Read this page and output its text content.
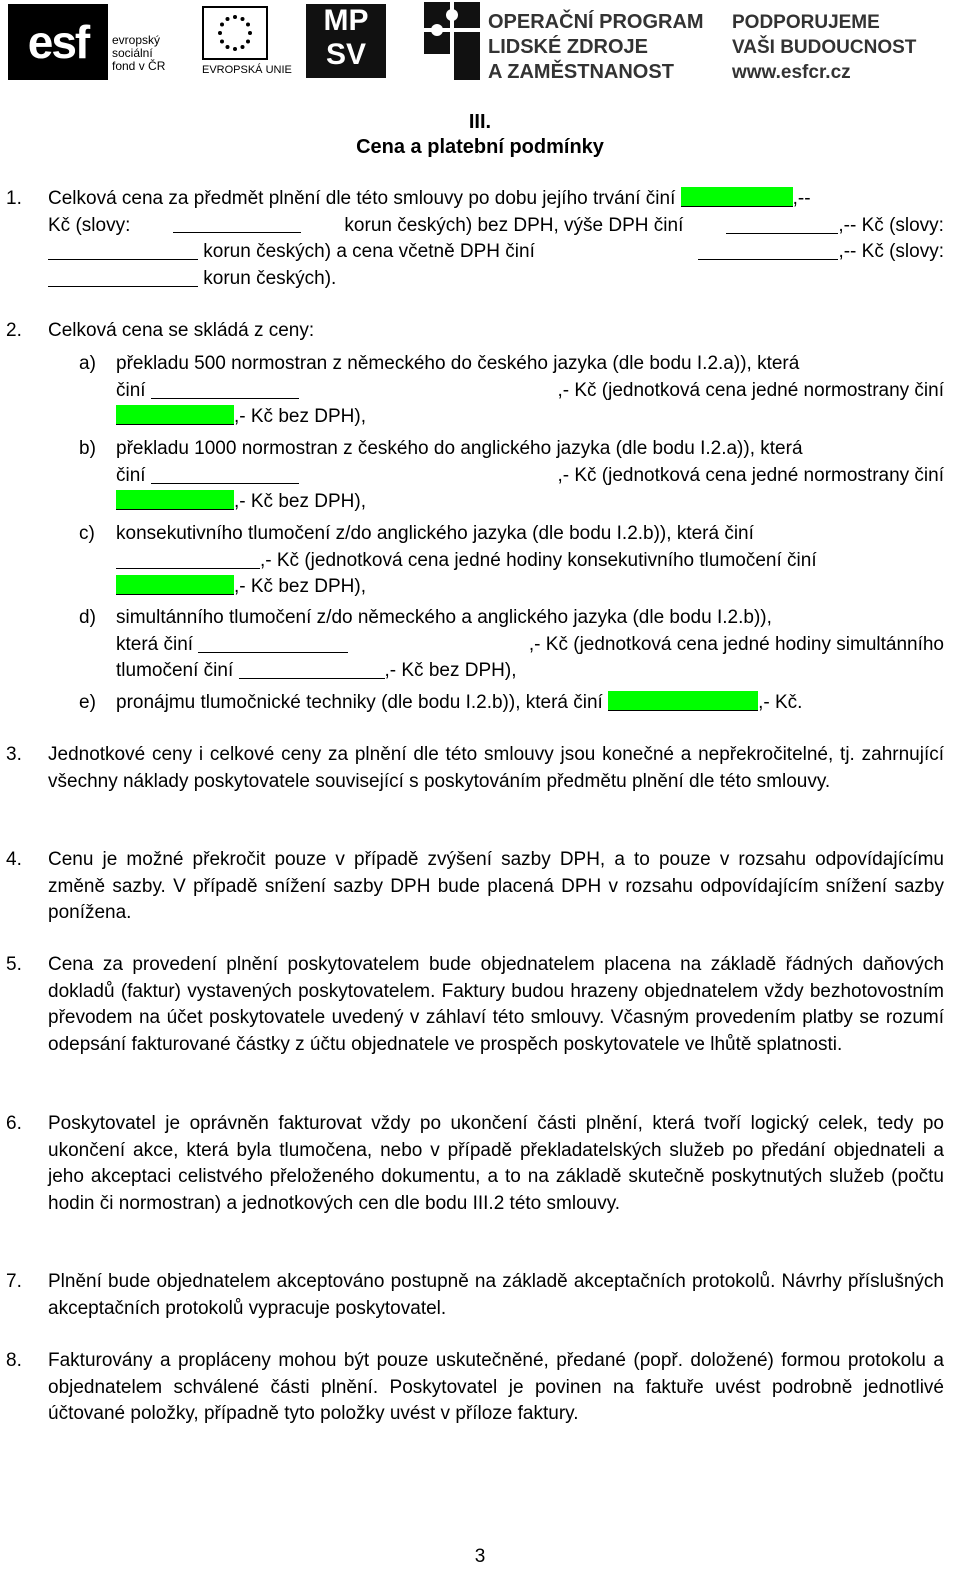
esf	evropský
sociální
fond v ČR	EVROPSKÁ UNIE
MP
SV
OPERAČNÍ PROGRAM
LIDSKÉ ZDROJE
A ZAMĚSTNANOST
PODPORUJEME
VAŠI BUDOUCNOST
www.esfcr.cz
III.
Cena a platební podmínky
1. Celková cena za předmět plnění dle této smlouvy po dobu jejího trvání činí	,--
Kč (slovy:	korun českých) bez DPH, výše DPH činí	,-- Kč (slovy:
korun českých) a cena včetně DPH činí	,-- Kč (slovy:
korun českých).
2. Celková cena se skládá z ceny:
a) překladu 500 normostran z německého do českého jazyka (dle bodu I.2.a)), která
činí	,- Kč (jednotková cena jedné normostrany činí
,- Kč bez DPH),
b) překladu 1000 normostran z českého do anglického jazyka (dle bodu I.2.a)), která
činí	,- Kč (jednotková cena jedné normostrany činí
,- Kč bez DPH),
c) konsekutivního tlumočení z/do anglického jazyka (dle bodu I.2.b)), která činí
,- Kč (jednotková cena jedné hodiny konsekutivního tlumočení činí
,- Kč bez DPH),
d) simultánního tlumočení z/do německého a anglického jazyka (dle bodu I.2.b)),
která činí	,- Kč (jednotková cena jedné hodiny simultánního
tlumočení činí	,- Kč bez DPH),
e) pronájmu tlumočnické techniky (dle bodu I.2.b)), která činí	,- Kč.
3. Jednotkové ceny i celkové ceny za plnění dle této smlouvy jsou konečné a nepřekročitelné, tj. zahrnující všechny náklady poskytovatele související s poskytováním předmětu plnění dle této smlouvy.
4. Cenu je možné překročit pouze v případě zvýšení sazby DPH, a to pouze v rozsahu odpovídajícímu změně sazby. V případě snížení sazby DPH bude placená DPH v rozsahu odpovídajícím snížení sazby ponížena.
5. Cena za provedení plnění poskytovatelem bude objednatelem placena na základě řádných daňových dokladů (faktur) vystavených poskytovatelem. Faktury budou hrazeny objednatelem vždy bezhotovostním převodem na účet poskytovatele uvedený v záhlaví této smlouvy. Včasným provedením platby se rozumí odepsání fakturované částky z účtu objednatele ve prospěch poskytovatele ve lhůtě splatnosti.
6. Poskytovatel je oprávněn fakturovat vždy po ukončení části plnění, která tvoří logický celek, tedy po ukončení akce, která byla tlumočena, nebo v případě překladatelských služeb po předání objednateli a jeho akceptaci celistvého přeloženého dokumentu, a to na základě skutečně poskytnutých služeb (počtu hodin či normostran) a jednotkových cen dle bodu III.2 této smlouvy.
7. Plnění bude objednatelem akceptováno postupně na základě akceptačních protokolů. Návrhy příslušných akceptačních protokolů vypracuje poskytovatel.
8. Fakturovány a propláceny mohou být pouze uskutečněné, předané (popř. doložené) formou protokolu a objednatelem schválené části plnění. Poskytovatel je povinen na faktuře uvést podrobně jednotlivé účtované položky, případně tyto položky uvést v příloze faktury.
3
